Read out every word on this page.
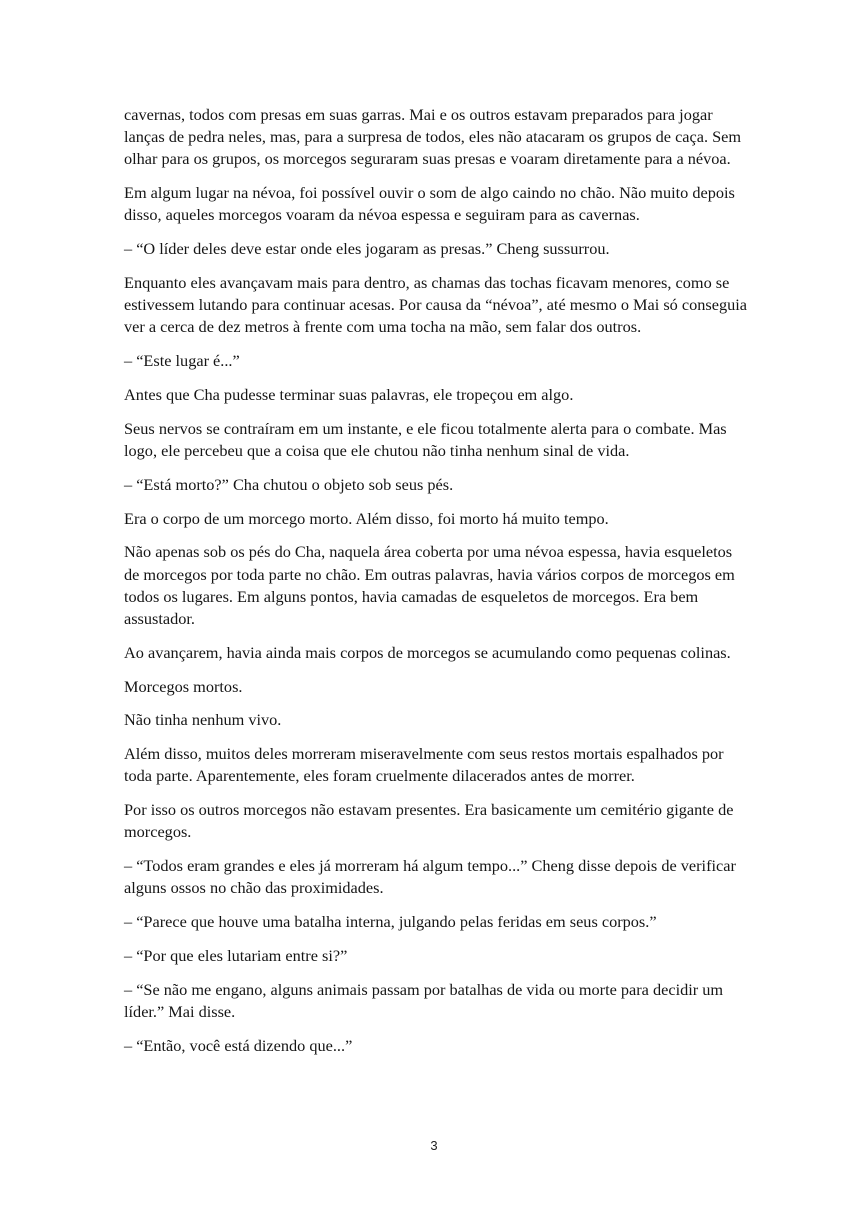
cavernas, todos com presas em suas garras. Mai e os outros estavam preparados para jogar lanças de pedra neles, mas, para a surpresa de todos, eles não atacaram os grupos de caça. Sem olhar para os grupos, os morcegos seguraram suas presas e voaram diretamente para a névoa.

Em algum lugar na névoa, foi possível ouvir o som de algo caindo no chão. Não muito depois disso, aqueles morcegos voaram da névoa espessa e seguiram para as cavernas.

– “O líder deles deve estar onde eles jogaram as presas.” Cheng sussurrou.

Enquanto eles avançavam mais para dentro, as chamas das tochas ficavam menores, como se estivessem lutando para continuar acesas. Por causa da “névoa”, até mesmo o Mai só conseguia ver a cerca de dez metros à frente com uma tocha na mão, sem falar dos outros.

– “Este lugar é...”

Antes que Cha pudesse terminar suas palavras, ele tropeçou em algo.

Seus nervos se contraíram em um instante, e ele ficou totalmente alerta para o combate. Mas logo, ele percebeu que a coisa que ele chutou não tinha nenhum sinal de vida.

– “Está morto?” Cha chutou o objeto sob seus pés.

Era o corpo de um morcego morto. Além disso, foi morto há muito tempo.

Não apenas sob os pés do Cha, naquela área coberta por uma névoa espessa, havia esqueletos de morcegos por toda parte no chão. Em outras palavras, havia vários corpos de morcegos em todos os lugares. Em alguns pontos, havia camadas de esqueletos de morcegos. Era bem assustador.

Ao avançarem, havia ainda mais corpos de morcegos se acumulando como pequenas colinas.

Morcegos mortos.

Não tinha nenhum vivo.

Além disso, muitos deles morreram miseravelmente com seus restos mortais espalhados por toda parte. Aparentemente, eles foram cruelmente dilacerados antes de morrer.

Por isso os outros morcegos não estavam presentes. Era basicamente um cemitério gigante de morcegos.

– “Todos eram grandes e eles já morreram há algum tempo...” Cheng disse depois de verificar alguns ossos no chão das proximidades.

– “Parece que houve uma batalha interna, julgando pelas feridas em seus corpos.”

– “Por que eles lutariam entre si?”

– “Se não me engano, alguns animais passam por batalhas de vida ou morte para decidir um líder.” Mai disse.

– “Então, você está dizendo que...”

3
